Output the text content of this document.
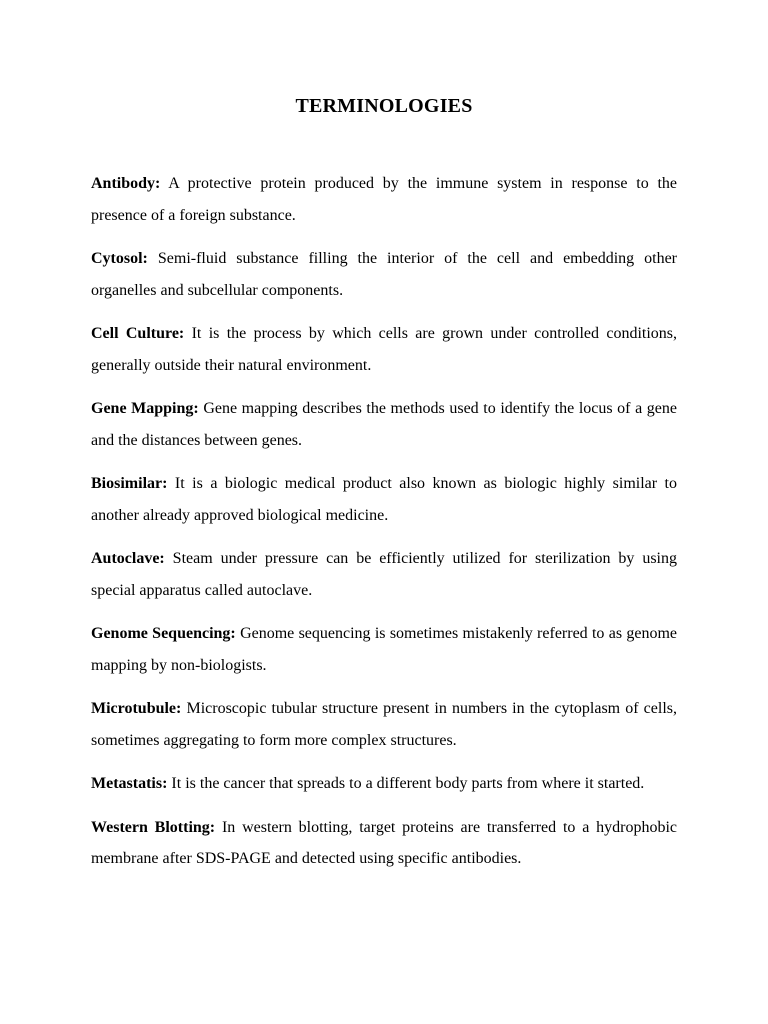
TERMINOLOGIES

Antibody: A protective protein produced by the immune system in response to the presence of a foreign substance.

Cytosol: Semi-fluid substance filling the interior of the cell and embedding other organelles and subcellular components.

Cell Culture: It is the process by which cells are grown under controlled conditions, generally outside their natural environment.

Gene Mapping: Gene mapping describes the methods used to identify the locus of a gene and the distances between genes.

Biosimilar: It is a biologic medical product also known as biologic highly similar to another already approved biological medicine.

Autoclave: Steam under pressure can be efficiently utilized for sterilization by using special apparatus called autoclave.

Genome Sequencing: Genome sequencing is sometimes mistakenly referred to as genome mapping by non-biologists.

Microtubule: Microscopic tubular structure present in numbers in the cytoplasm of cells, sometimes aggregating to form more complex structures.

Metastatis: It is the cancer that spreads to a different body parts from where it started.

Western Blotting: In western blotting, target proteins are transferred to a hydrophobic membrane after SDS-PAGE and detected using specific antibodies.
